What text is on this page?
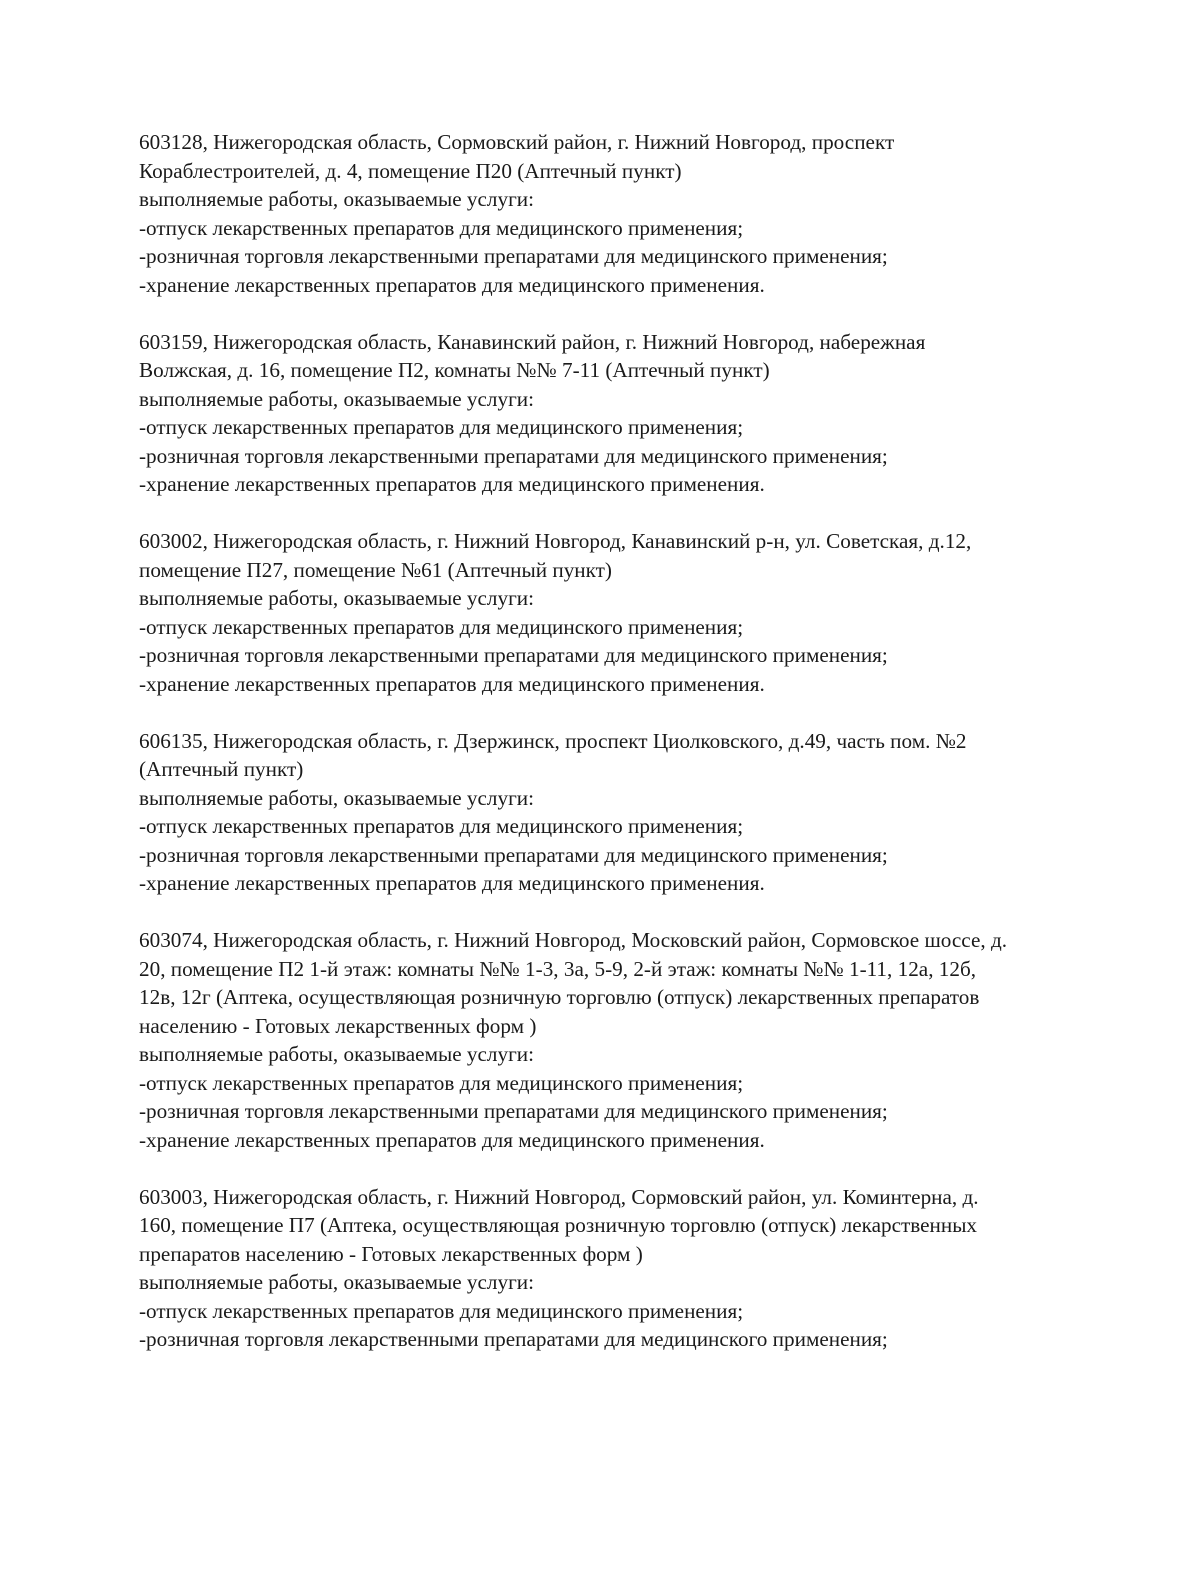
603128, Нижегородская область, Сормовский район, г. Нижний Новгород, проспект
Кораблестроителей, д. 4, помещение П20 (Аптечный пункт)
выполняемые работы, оказываемые услуги:
-отпуск лекарственных препаратов для медицинского применения;
-розничная торговля лекарственными препаратами для медицинского применения;
-хранение лекарственных препаратов для медицинского применения.
603159, Нижегородская область, Канавинский район, г. Нижний Новгород, набережная
Волжская, д. 16, помещение П2, комнаты №№ 7-11 (Аптечный пункт)
выполняемые работы, оказываемые услуги:
-отпуск лекарственных препаратов для медицинского применения;
-розничная торговля лекарственными препаратами для медицинского применения;
-хранение лекарственных препаратов для медицинского применения.
603002, Нижегородская область, г. Нижний Новгород, Канавинский р-н, ул. Советская, д.12,
помещение П27, помещение №61 (Аптечный пункт)
выполняемые работы, оказываемые услуги:
-отпуск лекарственных препаратов для медицинского применения;
-розничная торговля лекарственными препаратами для медицинского применения;
-хранение лекарственных препаратов для медицинского применения.
606135, Нижегородская область, г. Дзержинск, проспект Циолковского, д.49, часть пом. №2
(Аптечный пункт)
выполняемые работы, оказываемые услуги:
-отпуск лекарственных препаратов для медицинского применения;
-розничная торговля лекарственными препаратами для медицинского применения;
-хранение лекарственных препаратов для медицинского применения.
603074, Нижегородская область, г. Нижний Новгород, Московский район, Сормовское шоссе, д.
20, помещение П2 1-й этаж: комнаты №№ 1-3, 3а, 5-9, 2-й этаж: комнаты №№ 1-11, 12а, 12б,
12в, 12г (Аптека, осуществляющая розничную торговлю (отпуск) лекарственных препаратов
населению - Готовых лекарственных форм )
выполняемые работы, оказываемые услуги:
-отпуск лекарственных препаратов для медицинского применения;
-розничная торговля лекарственными препаратами для медицинского применения;
-хранение лекарственных препаратов для медицинского применения.
603003, Нижегородская область, г. Нижний Новгород, Сормовский район, ул. Коминтерна, д.
160, помещение П7 (Аптека, осуществляющая розничную торговлю (отпуск) лекарственных
препаратов населению - Готовых лекарственных форм )
выполняемые работы, оказываемые услуги:
-отпуск лекарственных препаратов для медицинского применения;
-розничная торговля лекарственными препаратами для медицинского применения;
